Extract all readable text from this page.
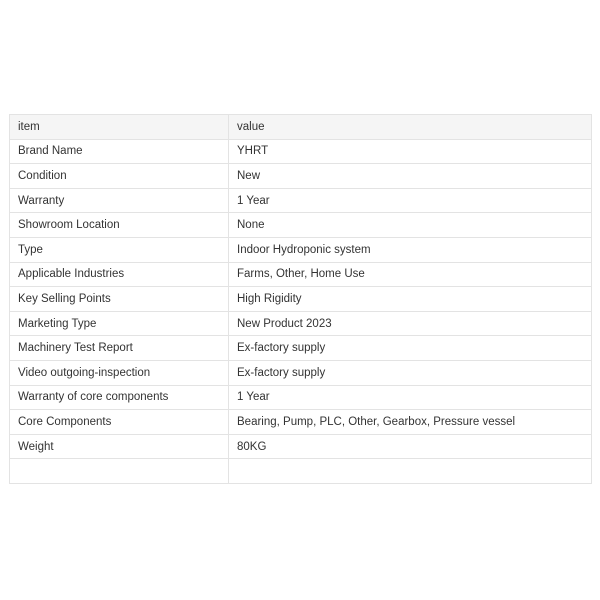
item	value
Brand Name	YHRT
Condition	New
Warranty	1 Year
Showroom Location	None
Type	Indoor Hydroponic system
Applicable Industries	Farms, Other, Home Use
Key Selling Points	High Rigidity
Marketing Type	New Product 2023
Machinery Test Report	Ex-factory supply
Video outgoing-inspection	Ex-factory supply
Warranty of core components	1 Year
Core Components	Bearing, Pump, PLC, Other, Gearbox, Pressure vessel
Weight	80KG
